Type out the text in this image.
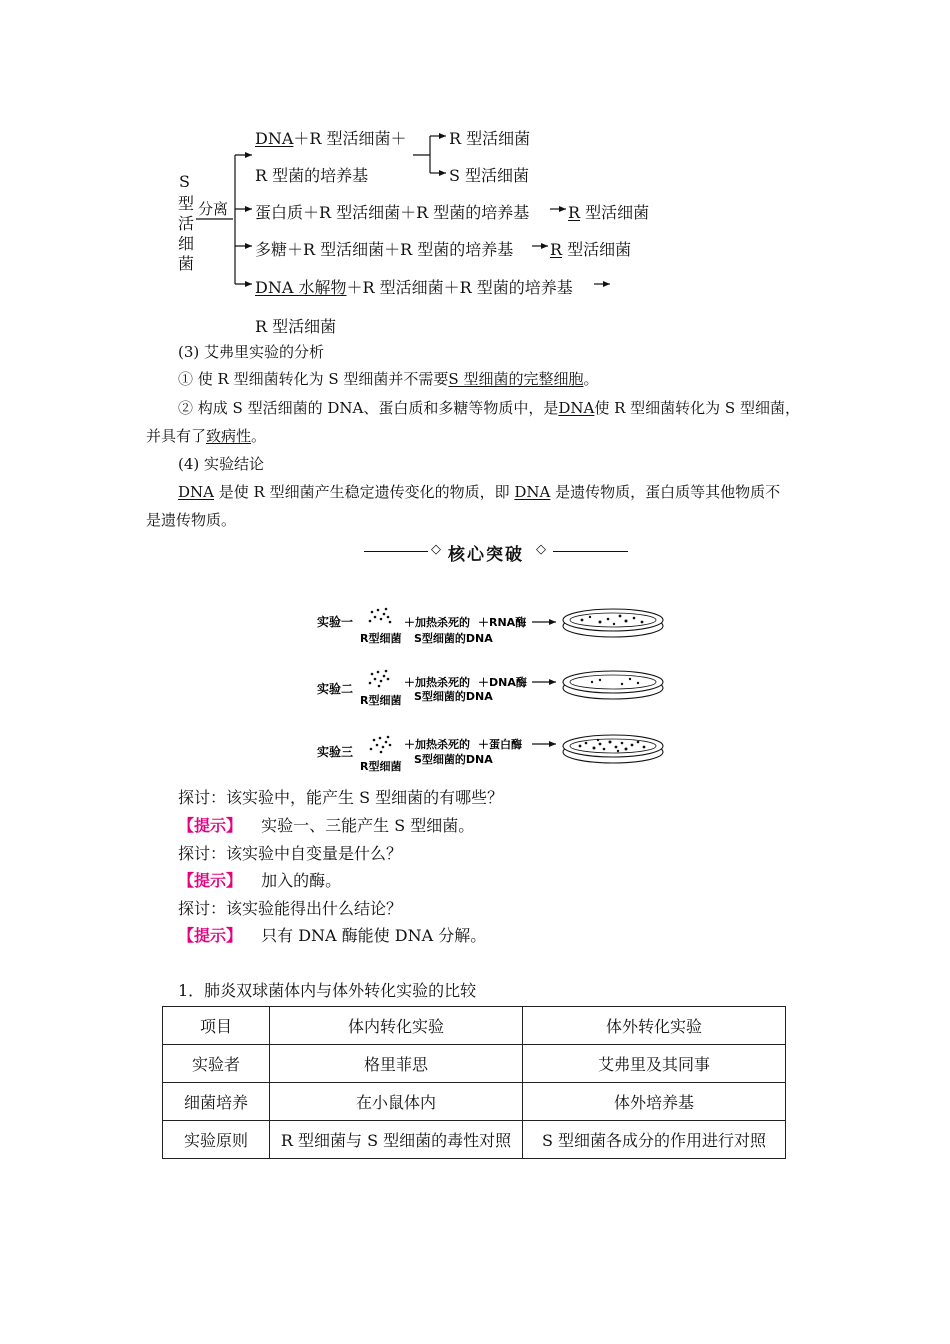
S
型
活
细
菌
分离
DNA＋R 型活细菌＋
R 型菌的培养基
R 型活细菌
S 型活细菌
蛋白质＋R 型活细菌＋R 型菌的培养基 R 型活细菌
多糖＋R 型活细菌＋R 型菌的培养基 R 型活细菌
DNA 水解物＋R 型活细菌＋R 型菌的培养基
R 型活细菌
(3) 艾弗里实验的分析
① 使 R 型细菌转化为 S 型细菌并不需要S 型细菌的完整细胞。
② 构成 S 型活细菌的 DNA、蛋白质和多糖等物质中，是DNA使 R 型细菌转化为 S 型细菌，
并具有了致病性。
(4) 实验结论
DNA 是使 R 型细菌产生稳定遗传变化的物质，即 DNA 是遗传物质，蛋白质等其他物质不
是遗传物质。
◇ 核心突破 ◇
实验一
R型细菌
＋加热杀死的
S型细菌的DNA
＋RNA酶
实验二
R型细菌
＋加热杀死的
S型细菌的DNA
＋DNA酶
实验三
R型细菌
＋加热杀死的
S型细菌的DNA
＋蛋白酶
探讨：该实验中，能产生 S 型细菌的有哪些？
【提示】 实验一、三能产生 S 型细菌。
探讨：该实验中自变量是什么？
【提示】 加入的酶。
探讨：该实验能得出什么结论？
【提示】 只有 DNA 酶能使 DNA 分解。
1．肺炎双球菌体内与体外转化实验的比较
项目	体内转化实验	体外转化实验
实验者	格里菲思	艾弗里及其同事
细菌培养	在小鼠体内	体外培养基
实验原则	R 型细菌与 S 型细菌的毒性对照	S 型细菌各成分的作用进行对照
